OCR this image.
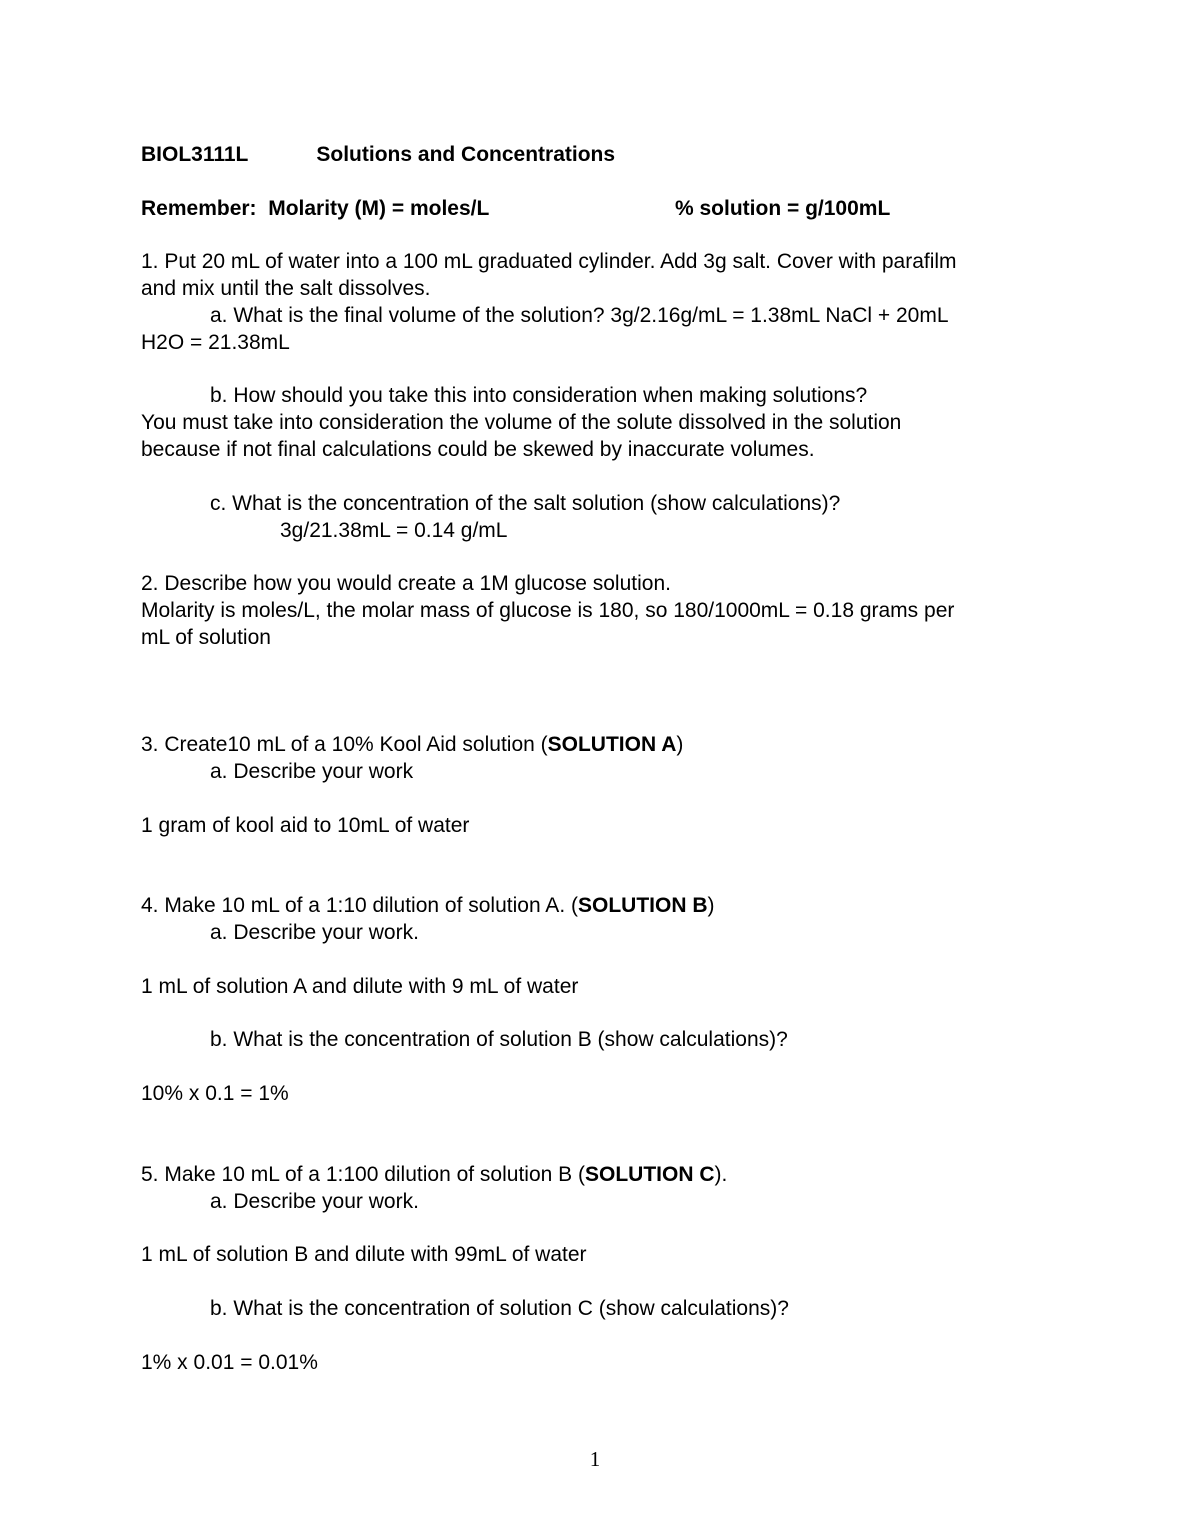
BIOL3111L	Solutions and Concentrations
Remember:  Molarity (M) = moles/L	% solution = g/100mL
1. Put 20 mL of water into a 100 mL graduated cylinder. Add 3g salt. Cover with parafilm
and mix until the salt dissolves.
a. What is the final volume of the solution? 3g/2.16g/mL = 1.38mL NaCl + 20mL
H2O = 21.38mL
b. How should you take this into consideration when making solutions?
You must take into consideration the volume of the solute dissolved in the solution
because if not final calculations could be skewed by inaccurate volumes.
c. What is the concentration of the salt solution (show calculations)?
3g/21.38mL = 0.14 g/mL
2. Describe how you would create a 1M glucose solution.
Molarity is moles/L, the molar mass of glucose is 180, so 180/1000mL = 0.18 grams per
mL of solution
3. Create10 mL of a 10% Kool Aid solution (SOLUTION A)
a. Describe your work
1 gram of kool aid to 10mL of water
4. Make 10 mL of a 1:10 dilution of solution A. (SOLUTION B)
a. Describe your work.
1 mL of solution A and dilute with 9 mL of water
b. What is the concentration of solution B (show calculations)?
10% x 0.1 = 1%
5. Make 10 mL of a 1:100 dilution of solution B (SOLUTION C).
a. Describe your work.
1 mL of solution B and dilute with 99mL of water
b. What is the concentration of solution C (show calculations)?
1% x 0.01 = 0.01%
1
